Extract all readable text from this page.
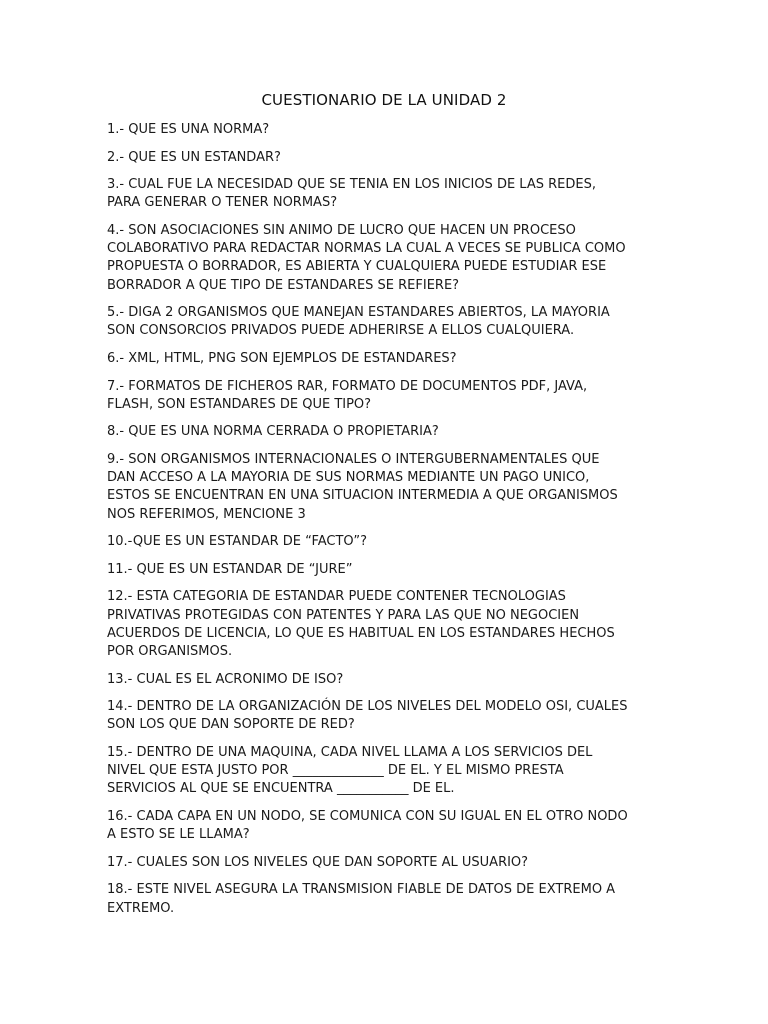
CUESTIONARIO DE LA UNIDAD 2
1.- QUE ES UNA NORMA?
2.- QUE ES UN ESTANDAR?
3.- CUAL FUE LA NECESIDAD QUE SE TENIA EN LOS INICIOS DE LAS REDES,
PARA GENERAR O TENER NORMAS?
4.- SON ASOCIACIONES SIN ANIMO DE LUCRO QUE HACEN UN PROCESO
COLABORATIVO PARA REDACTAR NORMAS LA CUAL A VECES SE PUBLICA COMO
PROPUESTA O BORRADOR, ES ABIERTA Y CUALQUIERA PUEDE ESTUDIAR ESE
BORRADOR A QUE TIPO DE ESTANDARES SE REFIERE?
5.- DIGA 2 ORGANISMOS QUE MANEJAN ESTANDARES ABIERTOS, LA MAYORIA
SON CONSORCIOS PRIVADOS PUEDE ADHERIRSE A ELLOS CUALQUIERA.
6.- XML, HTML, PNG SON EJEMPLOS DE ESTANDARES?
7.- FORMATOS DE FICHEROS RAR, FORMATO DE DOCUMENTOS PDF, JAVA,
FLASH, SON ESTANDARES DE QUE TIPO?
8.- QUE ES UNA NORMA CERRADA O PROPIETARIA?
9.- SON ORGANISMOS INTERNACIONALES O INTERGUBERNAMENTALES QUE
DAN ACCESO A LA MAYORIA DE SUS NORMAS MEDIANTE UN PAGO UNICO,
ESTOS SE ENCUENTRAN EN UNA SITUACION INTERMEDIA A QUE ORGANISMOS
NOS REFERIMOS, MENCIONE 3
10.-QUE ES UN ESTANDAR DE “FACTO”?
11.- QUE ES UN ESTANDAR DE “JURE”
12.- ESTA CATEGORIA DE ESTANDAR PUEDE CONTENER TECNOLOGIAS
PRIVATIVAS PROTEGIDAS CON PATENTES Y PARA LAS QUE NO NEGOCIEN
ACUERDOS DE LICENCIA, LO QUE ES HABITUAL EN LOS ESTANDARES HECHOS
POR ORGANISMOS.
13.- CUAL ES EL ACRONIMO DE ISO?
14.- DENTRO DE LA ORGANIZACIÓN DE LOS NIVELES DEL MODELO OSI, CUALES
SON LOS QUE DAN SOPORTE DE RED?
15.- DENTRO DE UNA MAQUINA, CADA NIVEL LLAMA A LOS SERVICIOS DEL
NIVEL QUE ESTA JUSTO POR ______________ DE EL. Y EL MISMO PRESTA
SERVICIOS AL QUE SE ENCUENTRA ___________ DE EL.
16.- CADA CAPA EN UN NODO, SE COMUNICA CON SU IGUAL EN EL OTRO NODO
A ESTO SE LE LLAMA?
17.- CUALES SON LOS NIVELES QUE DAN SOPORTE AL USUARIO?
18.- ESTE NIVEL ASEGURA LA TRANSMISION FIABLE DE DATOS DE EXTREMO A
EXTREMO.
